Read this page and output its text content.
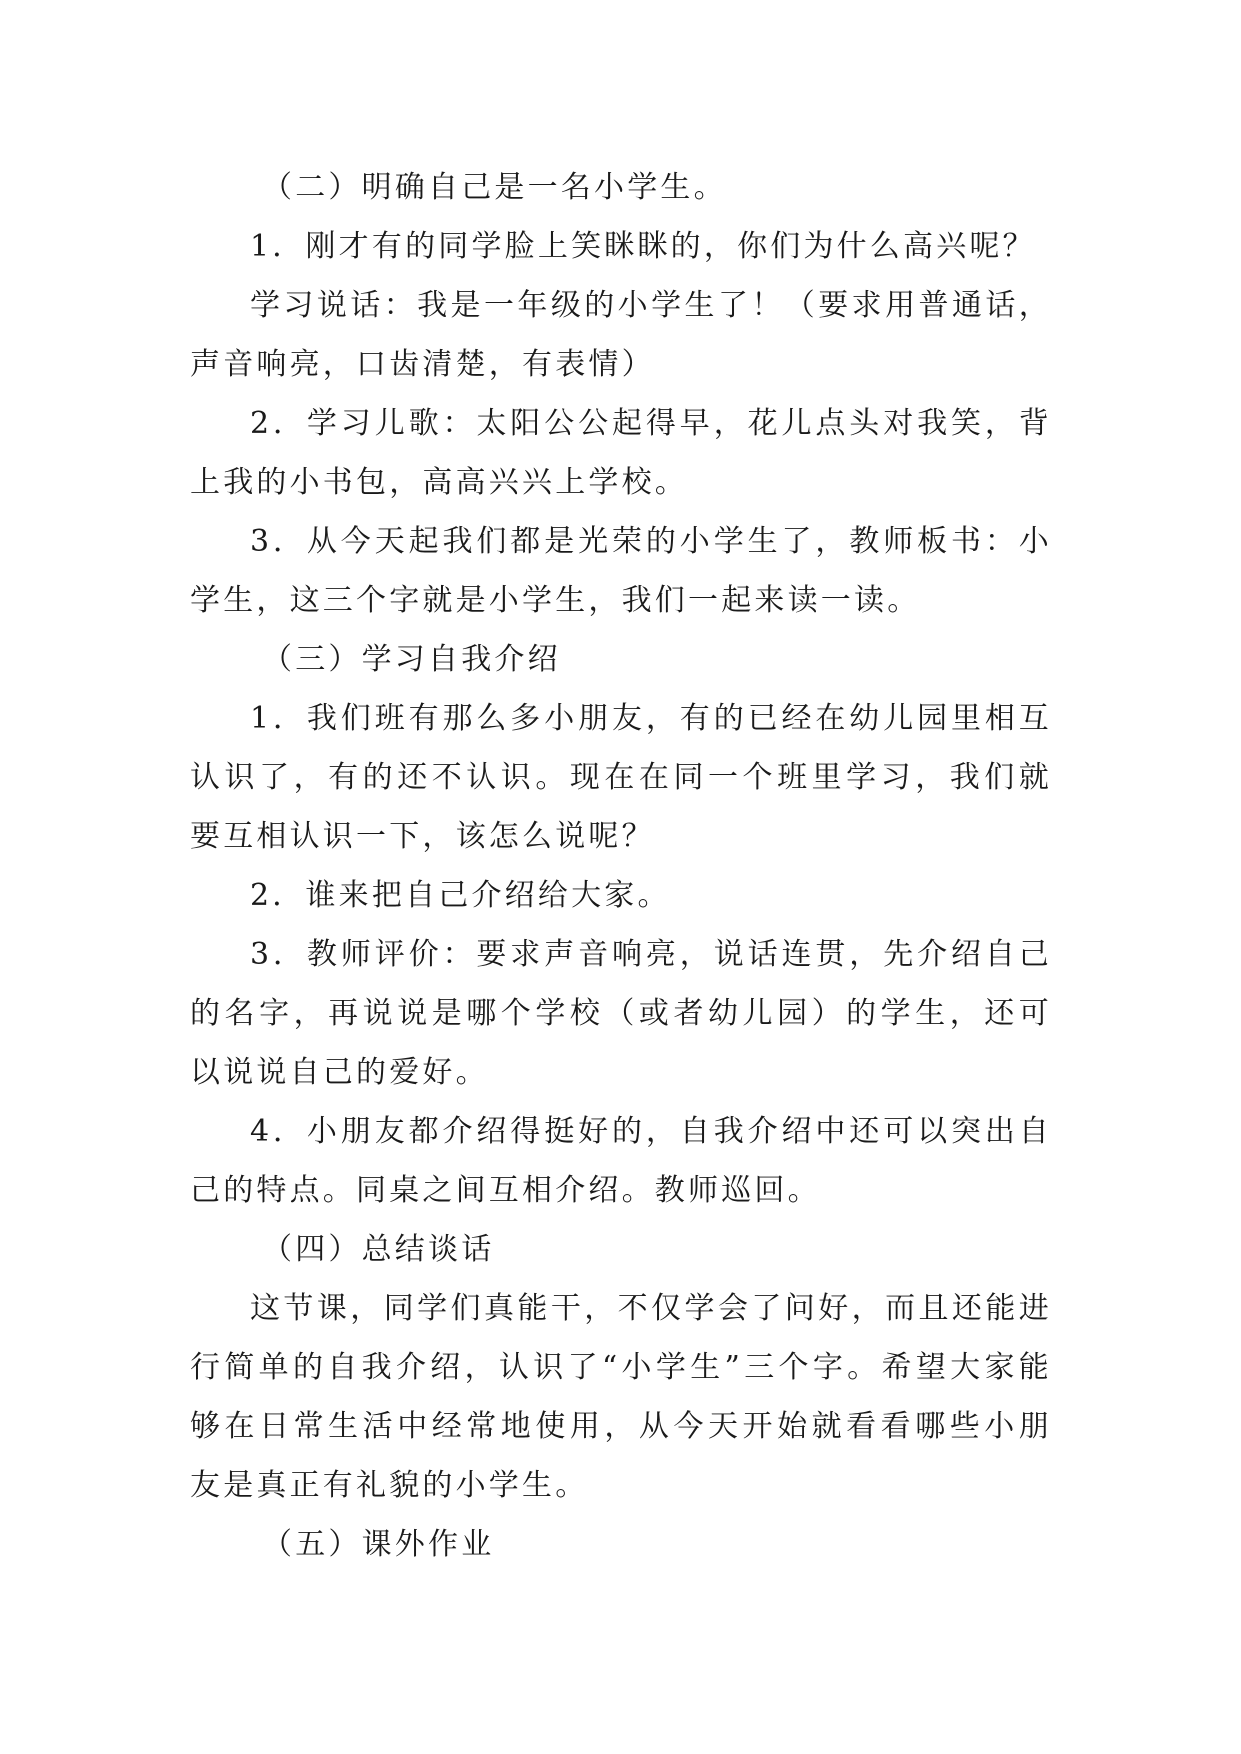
（二）明确自己是一名小学生。

1．刚才有的同学脸上笑眯眯的，你们为什么高兴呢？

学习说话：我是一年级的小学生了！（要求用普通话，声音响亮，口齿清楚，有表情）

2．学习儿歌：太阳公公起得早，花儿点头对我笑，背上我的小书包，高高兴兴上学校。

3．从今天起我们都是光荣的小学生了，教师板书：小学生，这三个字就是小学生，我们一起来读一读。

（三）学习自我介绍

1．我们班有那么多小朋友，有的已经在幼儿园里相互认识了，有的还不认识。现在在同一个班里学习，我们就要互相认识一下，该怎么说呢？

2．谁来把自己介绍给大家。

3．教师评价：要求声音响亮，说话连贯，先介绍自己的名字，再说说是哪个学校（或者幼儿园）的学生，还可以说说自己的爱好。

4．小朋友都介绍得挺好的，自我介绍中还可以突出自己的特点。同桌之间互相介绍。教师巡回。

（四）总结谈话

这节课，同学们真能干，不仅学会了问好，而且还能进行简单的自我介绍，认识了“小学生”三个字。希望大家能够在日常生活中经常地使用，从今天开始就看看哪些小朋友是真正有礼貌的小学生。

（五）课外作业
